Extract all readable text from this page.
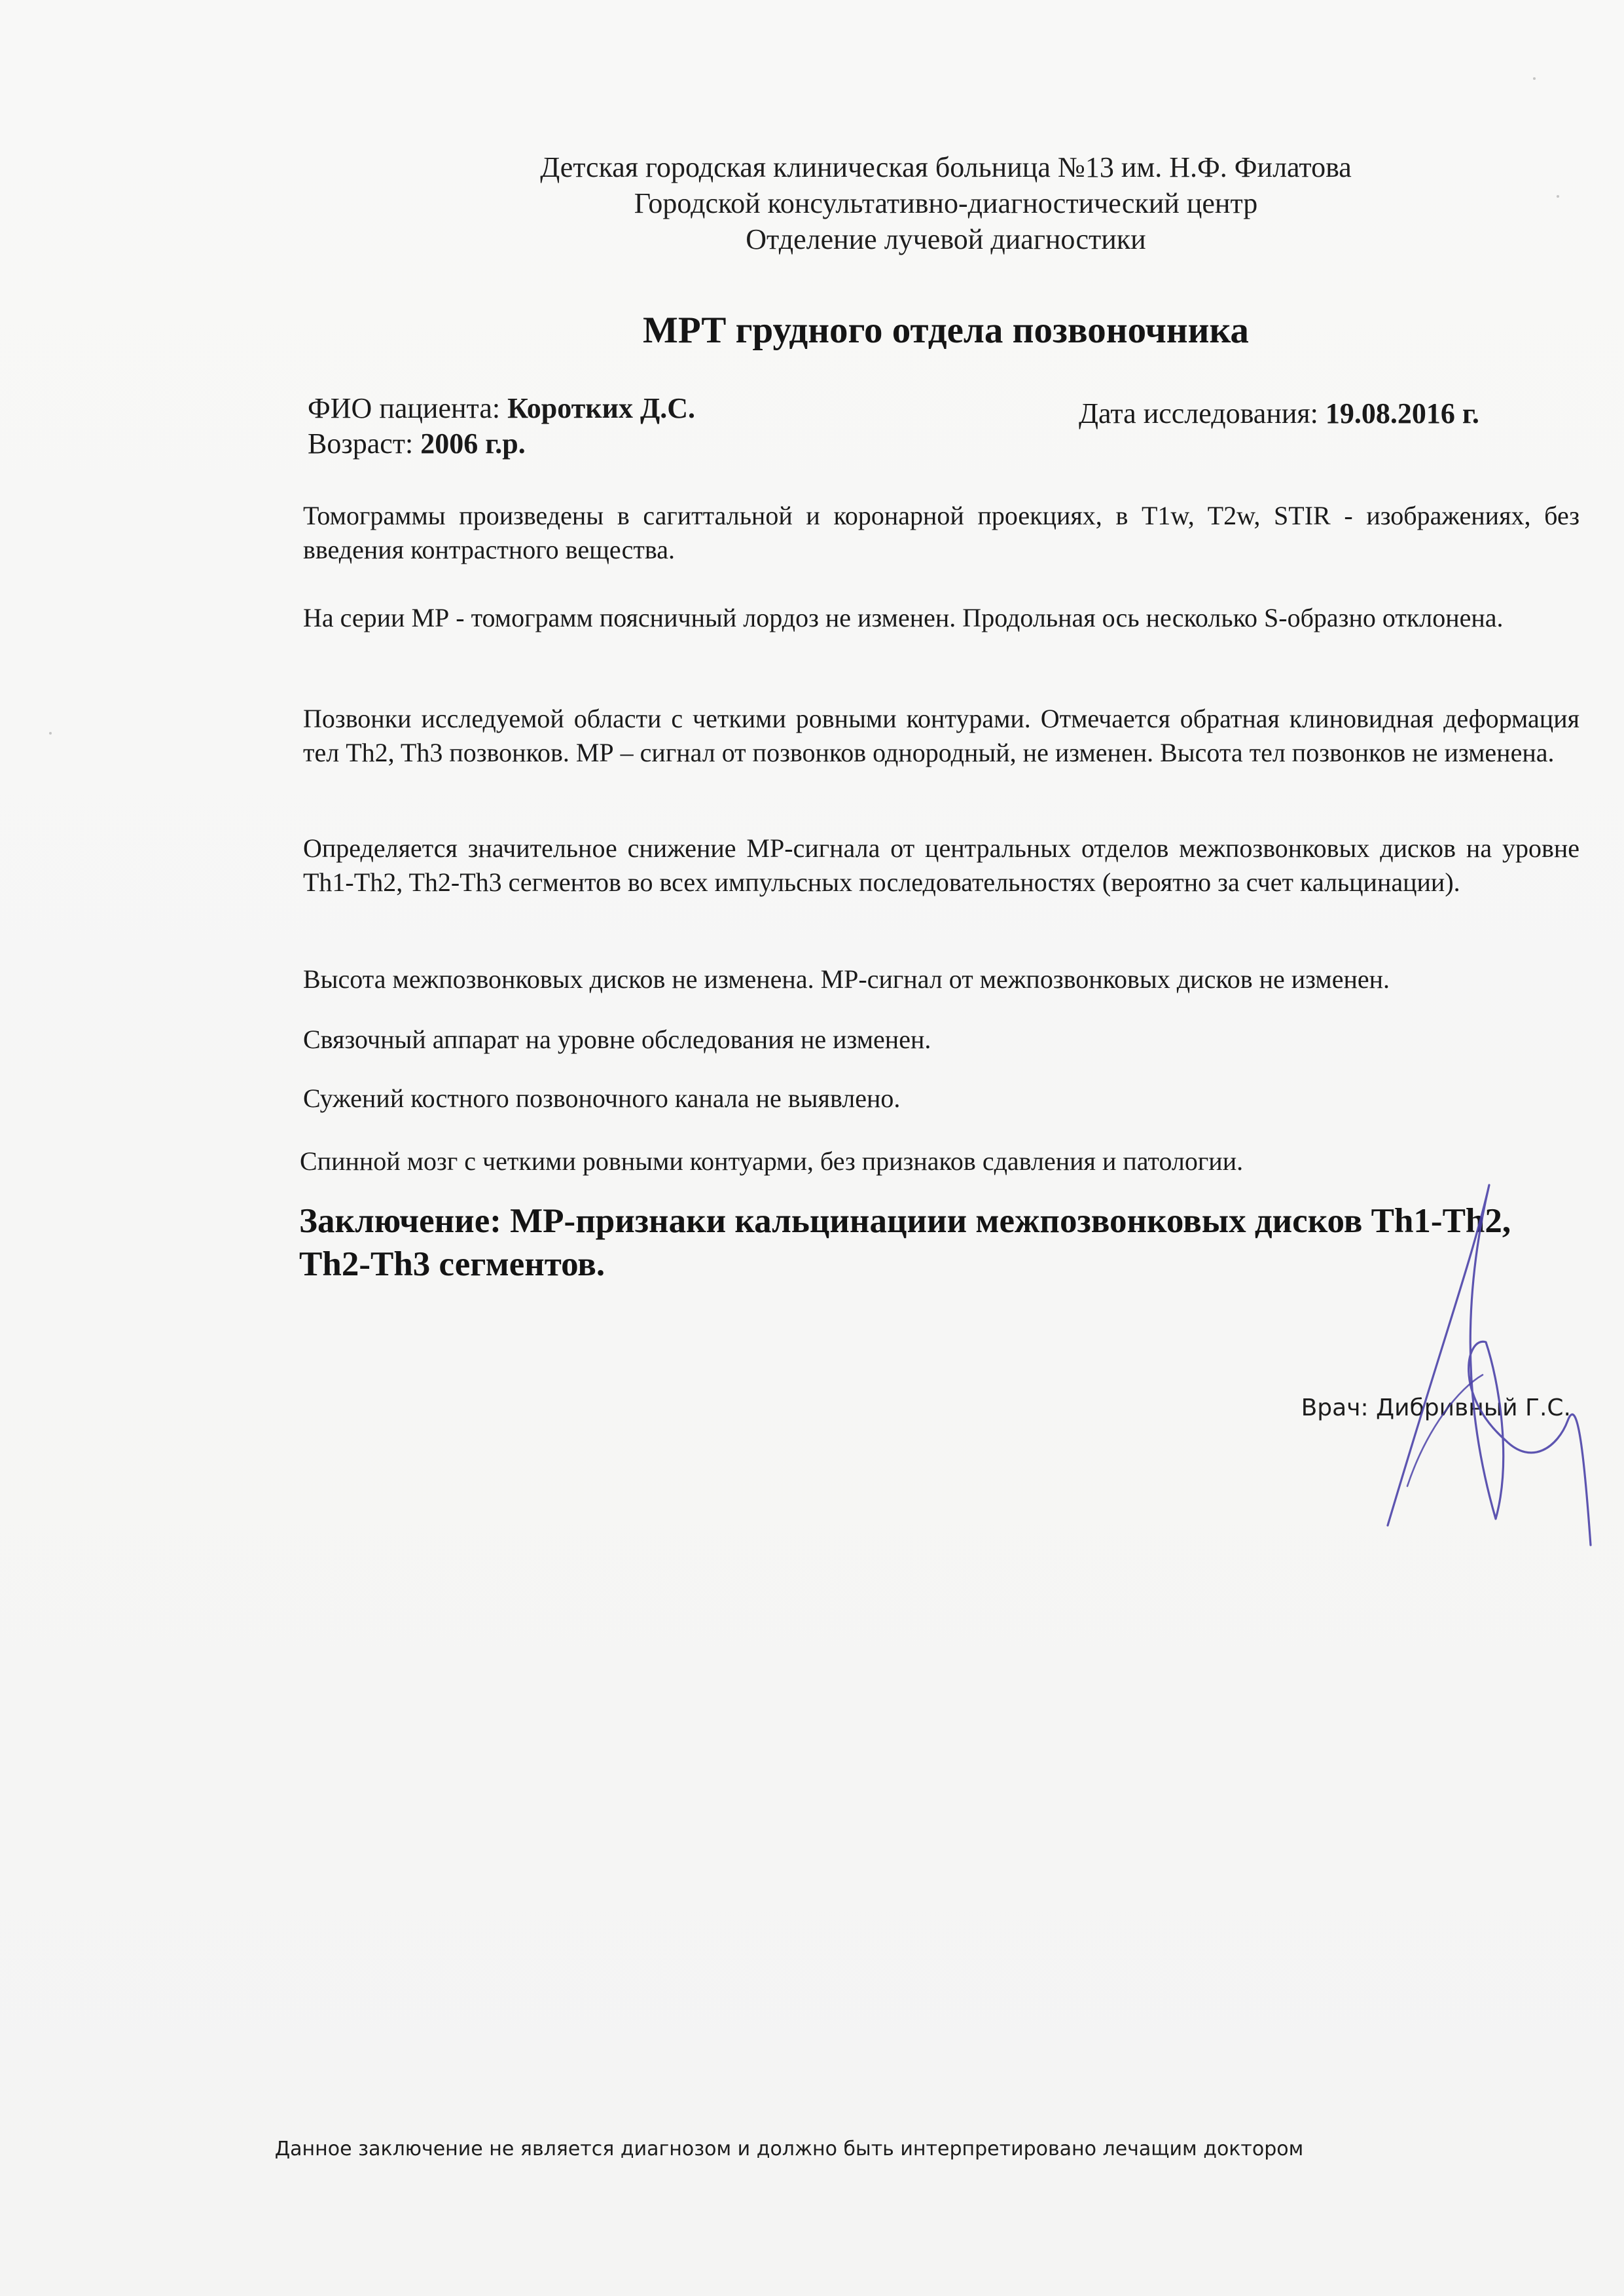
Детская городская клиническая больница №13 им. Н.Ф. Филатова
Городской консультативно-диагностический центр
Отделение лучевой диагностики
МРТ грудного отдела позвоночника
ФИО пациента: Коротких Д.С.	Дата исследования: 19.08.2016 г.
Возраст: 2006 г.р.
Томограммы произведены в сагиттальной и коронарной проекциях, в T1w, T2w, STIR - изображениях, без введения контрастного вещества.
На серии МР - томограмм поясничный лордоз не изменен. Продольная ось несколько S-образно отклонена.
Позвонки исследуемой области с четкими ровными контурами. Отмечается обратная клиновидная деформация тел Th2, Th3 позвонков. МР – сигнал от позвонков однородный, не изменен. Высота тел позвонков не изменена.
Определяется значительное снижение МР-сигнала от центральных отделов межпозвонковых дисков на уровне Th1-Th2, Th2-Th3 сегментов во всех импульсных последовательностях (вероятно за счет кальцинации).
Высота межпозвонковых дисков не изменена. МР-сигнал от межпозвонковых дисков не изменен.
Связочный аппарат на уровне обследования не изменен.
Сужений костного позвоночного канала не выявлено.
Спинной мозг с четкими ровными контуарми, без признаков сдавления и патологии.
Заключение: МР-признаки кальцинациии межпозвонковых дисков Th1-Th2, Th2-Th3 сегментов.
Врач: Дибривный Г.С.
Данное заключение не является диагнозом и должно быть интерпретировано лечащим доктором
